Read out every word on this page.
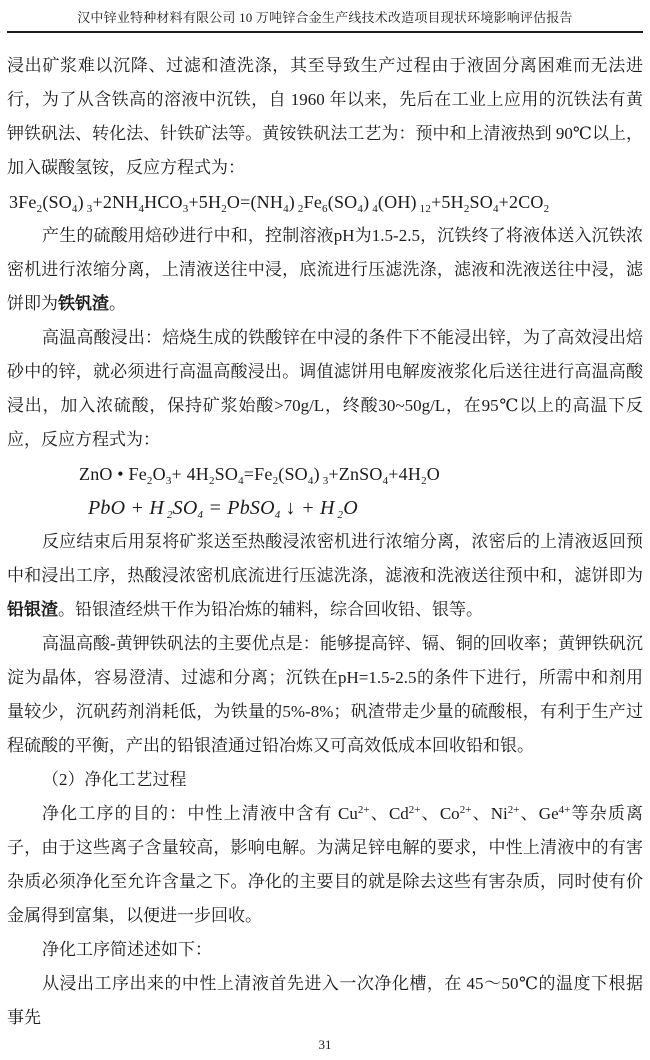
汉中锌业特种材料有限公司 10 万吨锌合金生产线技术改造项目现状环境影响评估报告

浸出矿浆难以沉降、过滤和渣洗涤，其至导致生产过程由于液固分离困难而无法进行，为了从含铁高的溶液中沉铁，自 1960 年以来，先后在工业上应用的沉铁法有黄钾铁矾法、转化法、针铁矿法等。黄铵铁矾法工艺为：预中和上清液热到 90℃以上，加入碳酸氢铵，反应方程式为：

$3Fe_2(SO_4)$ $_3+2NH_4HCO_3+5H_2O=(NH_4)$ $_2Fe_6(SO_4)$ $_4$(OH) $_{12}+5H_2SO_4+2CO_2$

产生的硫酸用焙砂进行中和，控制溶液pH为1.5-2.5，沉铁终了将液体送入沉铁浓密机进行浓缩分离，上清液送往中浸，底流进行压滤洗涤，滤液和洗液送往中浸，滤饼即为铁钒渣。

高温高酸浸出：焙烧生成的铁酸锌在中浸的条件下不能浸出锌，为了高效浸出焙砂中的锌，就必须进行高温高酸浸出。调值滤饼用电解废液浆化后送往进行高温高酸浸出，加入浓硫酸，保持矿浆始酸>70g/L，终酸30~50g/L，在95℃以上的高温下反应，反应方程式为：

ZnO • $Fe_2O_3+ 4H_2SO_4=Fe_2(SO_4)$ $_3+ZnSO_4+4H_2O$

PbO + H $_2SO_4$ = PbSO$_4$ ↓ + H $_2$O

反应结束后用泵将矿浆送至热酸浸浓密机进行浓缩分离，浓密后的上清液返回预中和浸出工序，热酸浸浓密机底流进行压滤洗涤，滤液和洗液送往预中和，滤饼即为铅银渣。铅银渣经烘干作为铅冶炼的辅料，综合回收铅、银等。

高温高酸-黄钾铁矾法的主要优点是：能够提高锌、镉、铜的回收率；黄钾铁矾沉淀为晶体，容易澄清、过滤和分离；沉铁在pH=1.5-2.5的条件下进行，所需中和剂用量较少，沉矾药剂消耗低，为铁量的5%-8%；矾渣带走少量的硫酸根，有利于生产过程硫酸的平衡，产出的铅银渣通过铅冶炼又可高效低成本回收铅和银。

（2）净化工艺过程

净化工序的目的：中性上清液中含有 $Cu^{2+}$、$Cd^{2+}$、$Co^{2+}$、$Ni^{2+}$、$Ge^{4+}$等杂质离子，由于这些离子含量较高，影响电解。为满足锌电解的要求，中性上清液中的有害杂质必须净化至允许含量之下。净化的主要目的就是除去这些有害杂质，同时使有价金属得到富集，以便进一步回收。

净化工序简述述如下：

从浸出工序出来的中性上清液首先进入一次净化槽，在 45～50℃的温度下根据事先

31
